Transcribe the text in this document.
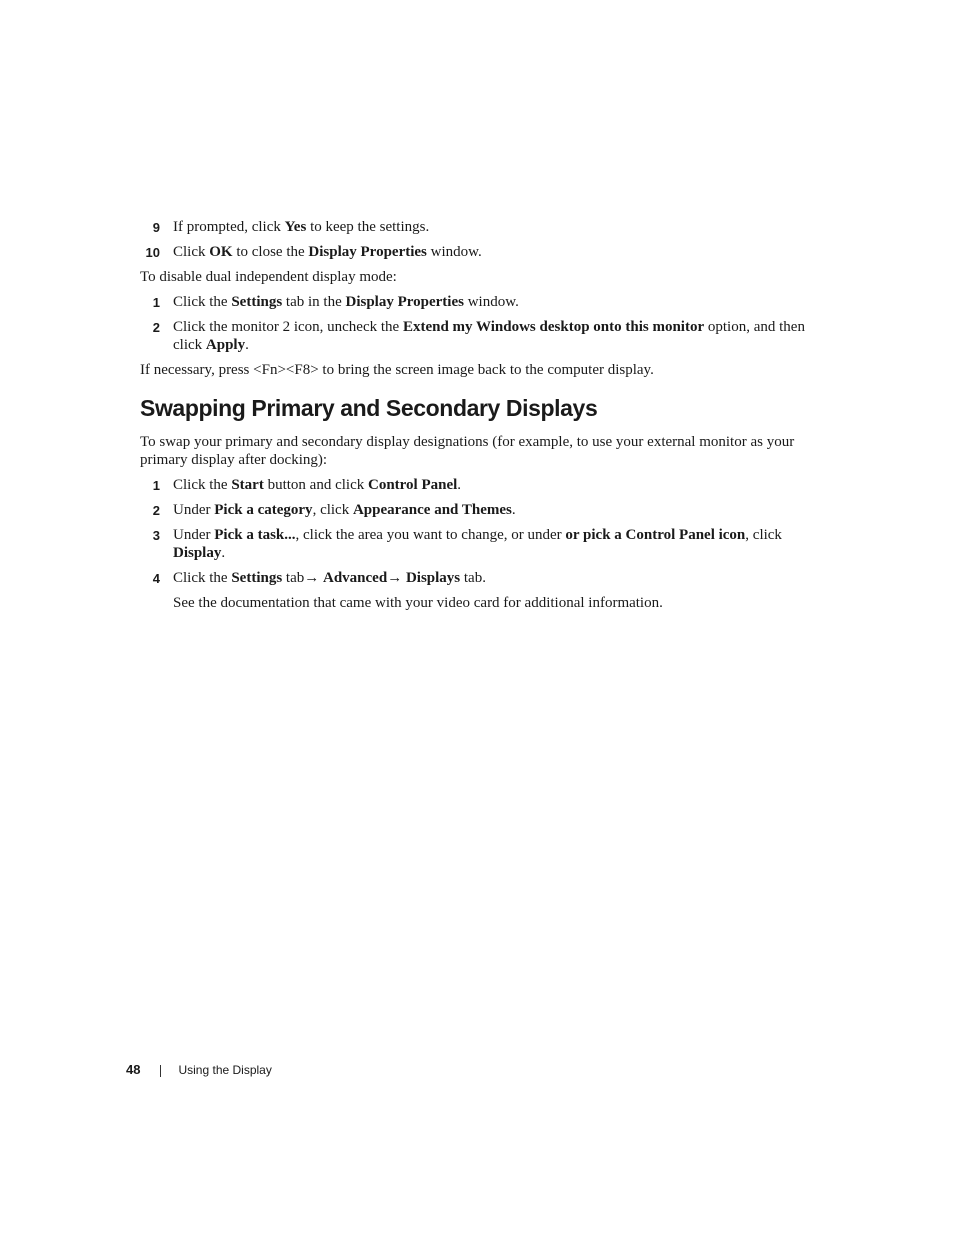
9 If prompted, click Yes to keep the settings.
10 Click OK to close the Display Properties window.

To disable dual independent display mode:

1 Click the Settings tab in the Display Properties window.
2 Click the monitor 2 icon, uncheck the Extend my Windows desktop onto this monitor option, and then click Apply.

If necessary, press <Fn><F8> to bring the screen image back to the computer display.

Swapping Primary and Secondary Displays

To swap your primary and secondary display designations (for example, to use your external monitor as your primary display after docking):

1 Click the Start button and click Control Panel.
2 Under Pick a category, click Appearance and Themes.
3 Under Pick a task..., click the area you want to change, or under or pick a Control Panel icon, click Display.
4 Click the Settings tab→ Advanced→ Displays tab.

See the documentation that came with your video card for additional information.

48	Using the Display
